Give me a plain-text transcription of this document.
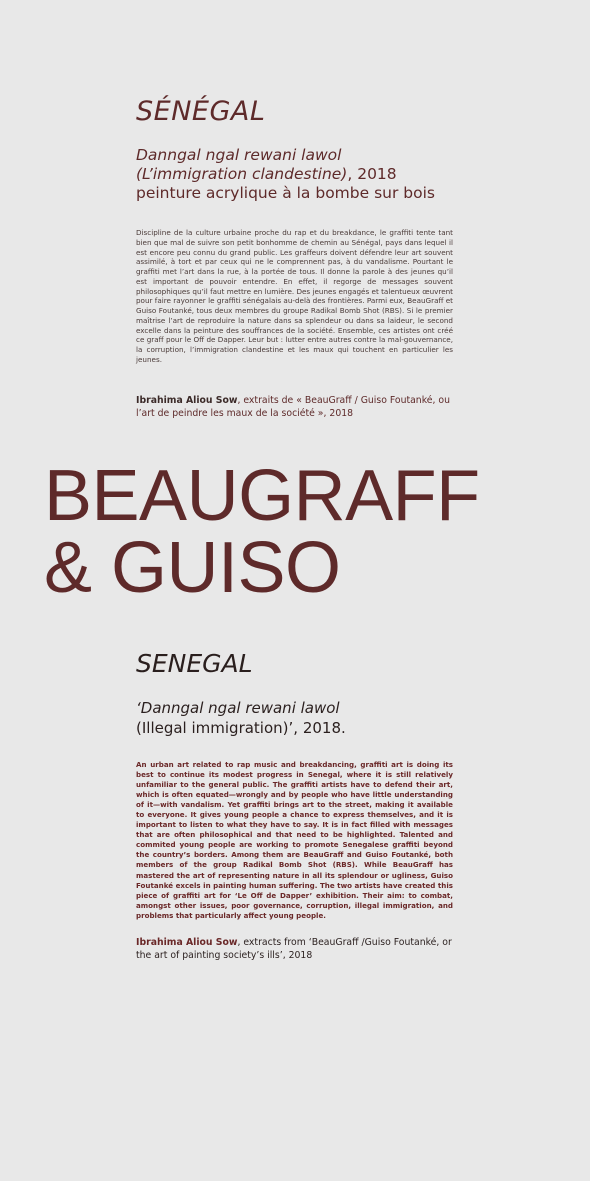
SÉNÉGAL
Danngal ngal rewani lawol
(L’immigration clandestine), 2018
peinture acrylique à la bombe sur bois

Discipline de la culture urbaine proche du rap et du breakdance, le graffiti tente tant bien que mal de suivre son petit bonhomme de chemin au Sénégal, pays dans lequel il est encore peu connu du grand public. Les graffeurs doivent défendre leur art souvent assimilé, à tort et par ceux qui ne le comprennent pas, à du vandalisme. Pourtant le graffiti met l’art dans la rue, à la portée de tous. Il donne la parole à des jeunes qu’il est important de pouvoir entendre. En effet, il regorge de messages souvent philosophiques qu’il faut mettre en lumière. Des jeunes engagés et talentueux œuvrent pour faire rayonner le graffiti sénégalais au-delà des frontières. Parmi eux, BeauGraff et Guiso Foutanké, tous deux membres du groupe Radikal Bomb Shot (RBS). Si le premier maîtrise l’art de reproduire la nature dans sa splendeur ou dans sa laideur, le second excelle dans la peinture des souffrances de la société. Ensemble, ces artistes ont créé ce graff pour le Off de Dapper. Leur but : lutter entre autres contre la mal-gouvernance, la corruption, l’immigration clandestine et les maux qui touchent en particulier les jeunes.

Ibrahima Aliou Sow, extraits de « BeauGraff / Guiso Foutanké, ou l’art de peindre les maux de la société », 2018
BEAUGRAFF
& GUISO
SENEGAL
‘Danngal ngal rewani lawol
(Illegal immigration)’, 2018.

An urban art related to rap music and breakdancing, graffiti art is doing its best to continue its modest progress in Senegal, where it is still relatively unfamiliar to the general public. The graffiti artists have to defend their art, which is often equated—wrongly and by people who have little understanding of it—with vandalism. Yet graffiti brings art to the street, making it available to everyone. It gives young people a chance to express themselves, and it is important to listen to what they have to say. It is in fact filled with messages that are often philosophical and that need to be highlighted. Talented and commited young people are working to promote Senegalese graffiti beyond the country’s borders. Among them are BeauGraff and Guiso Foutanké, both members of the group Radikal Bomb Shot (RBS). While BeauGraff has mastered the art of representing nature in all its splendour or ugliness, Guiso Foutanké excels in painting human suffering. The two artists have created this piece of graffiti art for ‘Le Off de Dapper’ exhibition. Their aim: to combat, amongst other issues, poor governance, corruption, illegal immigration, and problems that particularly affect young people.

Ibrahima Aliou Sow, extracts from ‘BeauGraff /Guiso Foutanké, or the art of painting society’s ills’, 2018
